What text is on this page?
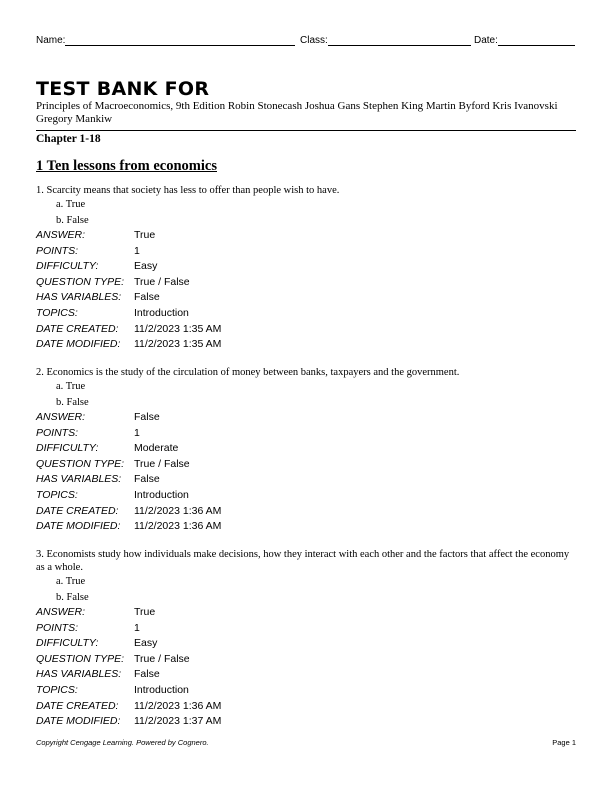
Name:	Class:	Date:
TEST BANK FOR
Principles of Macroeconomics, 9th Edition Robin Stonecash Joshua Gans Stephen King Martin Byford Kris Ivanovski Gregory Mankiw
Chapter 1-18
1 Ten lessons from economics
1. Scarcity means that society has less to offer than people wish to have.
a. True
b. False
ANSWER:	True
POINTS:	1
DIFFICULTY:	Easy
QUESTION TYPE: True / False
HAS VARIABLES: False
TOPICS:	Introduction
DATE CREATED: 11/2/2023 1:35 AM
DATE MODIFIED: 11/2/2023 1:35 AM
2. Economics is the study of the circulation of money between banks, taxpayers and the government.
a. True
b. False
ANSWER:	False
POINTS:	1
DIFFICULTY:	Moderate
QUESTION TYPE: True / False
HAS VARIABLES: False
TOPICS:	Introduction
DATE CREATED: 11/2/2023 1:36 AM
DATE MODIFIED: 11/2/2023 1:36 AM
3. Economists study how individuals make decisions, how they interact with each other and the factors that affect the economy as a whole.
a. True
b. False
ANSWER:	True
POINTS:	1
DIFFICULTY:	Easy
QUESTION TYPE: True / False
HAS VARIABLES: False
TOPICS:	Introduction
DATE CREATED: 11/2/2023 1:36 AM
DATE MODIFIED: 11/2/2023 1:37 AM
Copyright Cengage Learning. Powered by Cognero.	Page 1
